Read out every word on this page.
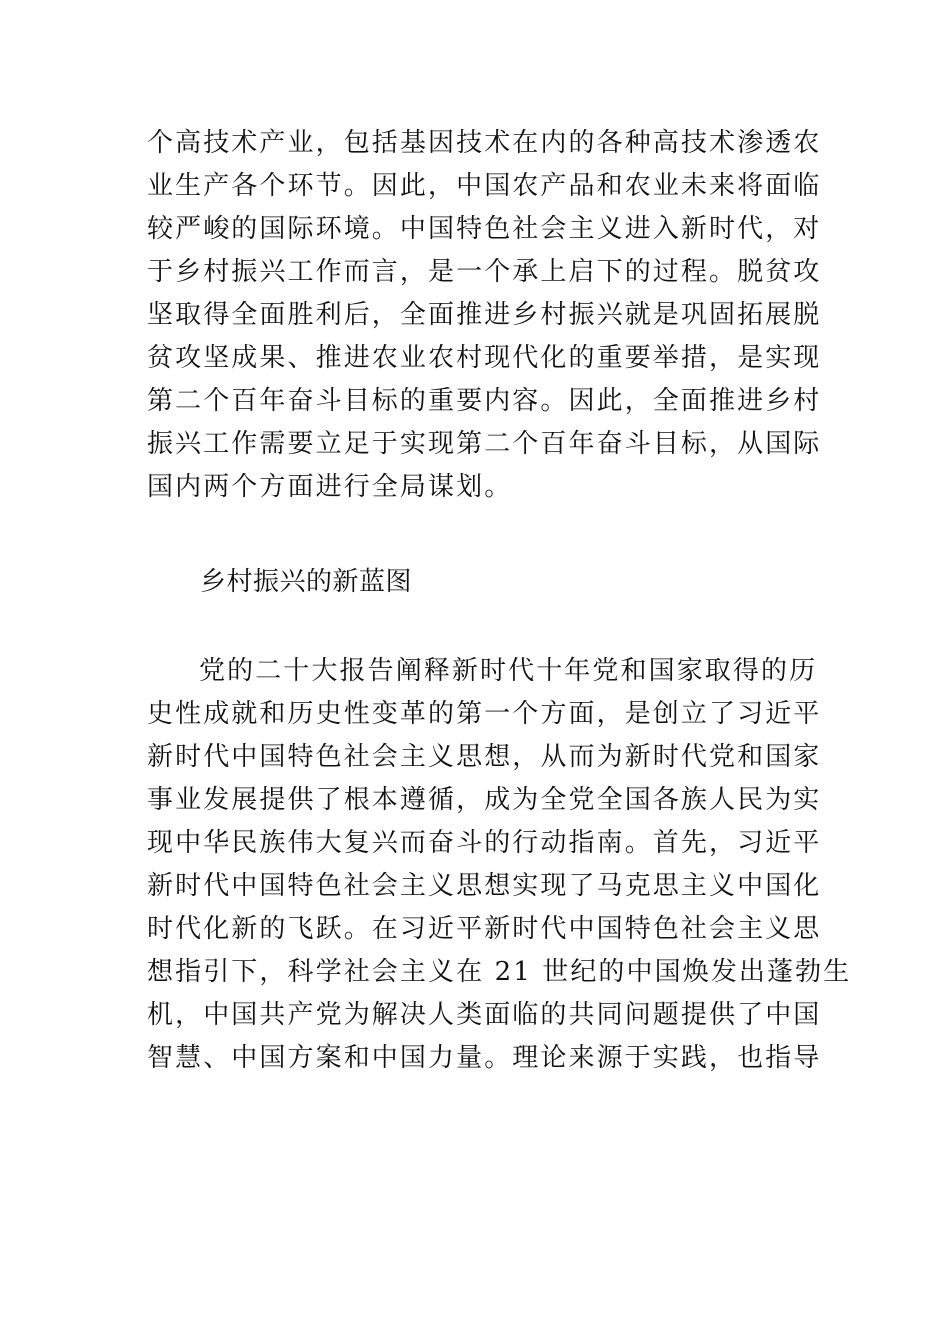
个高技术产业，包括基因技术在内的各种高技术渗透农
业生产各个环节。因此，中国农产品和农业未来将面临
较严峻的国际环境。中国特色社会主义进入新时代，对
于乡村振兴工作而言，是一个承上启下的过程。脱贫攻
坚取得全面胜利后，全面推进乡村振兴就是巩固拓展脱
贫攻坚成果、推进农业农村现代化的重要举措，是实现
第二个百年奋斗目标的重要内容。因此，全面推进乡村
振兴工作需要立足于实现第二个百年奋斗目标，从国际
国内两个方面进行全局谋划。
乡村振兴的新蓝图
党的二十大报告阐释新时代十年党和国家取得的历
史性成就和历史性变革的第一个方面，是创立了习近平
新时代中国特色社会主义思想，从而为新时代党和国家
事业发展提供了根本遵循，成为全党全国各族人民为实
现中华民族伟大复兴而奋斗的行动指南。首先，习近平
新时代中国特色社会主义思想实现了马克思主义中国化
时代化新的飞跃。在习近平新时代中国特色社会主义思
想指引下，科学社会主义在 21 世纪的中国焕发出蓬勃生
机，中国共产党为解决人类面临的共同问题提供了中国
智慧、中国方案和中国力量。理论来源于实践，也指导
